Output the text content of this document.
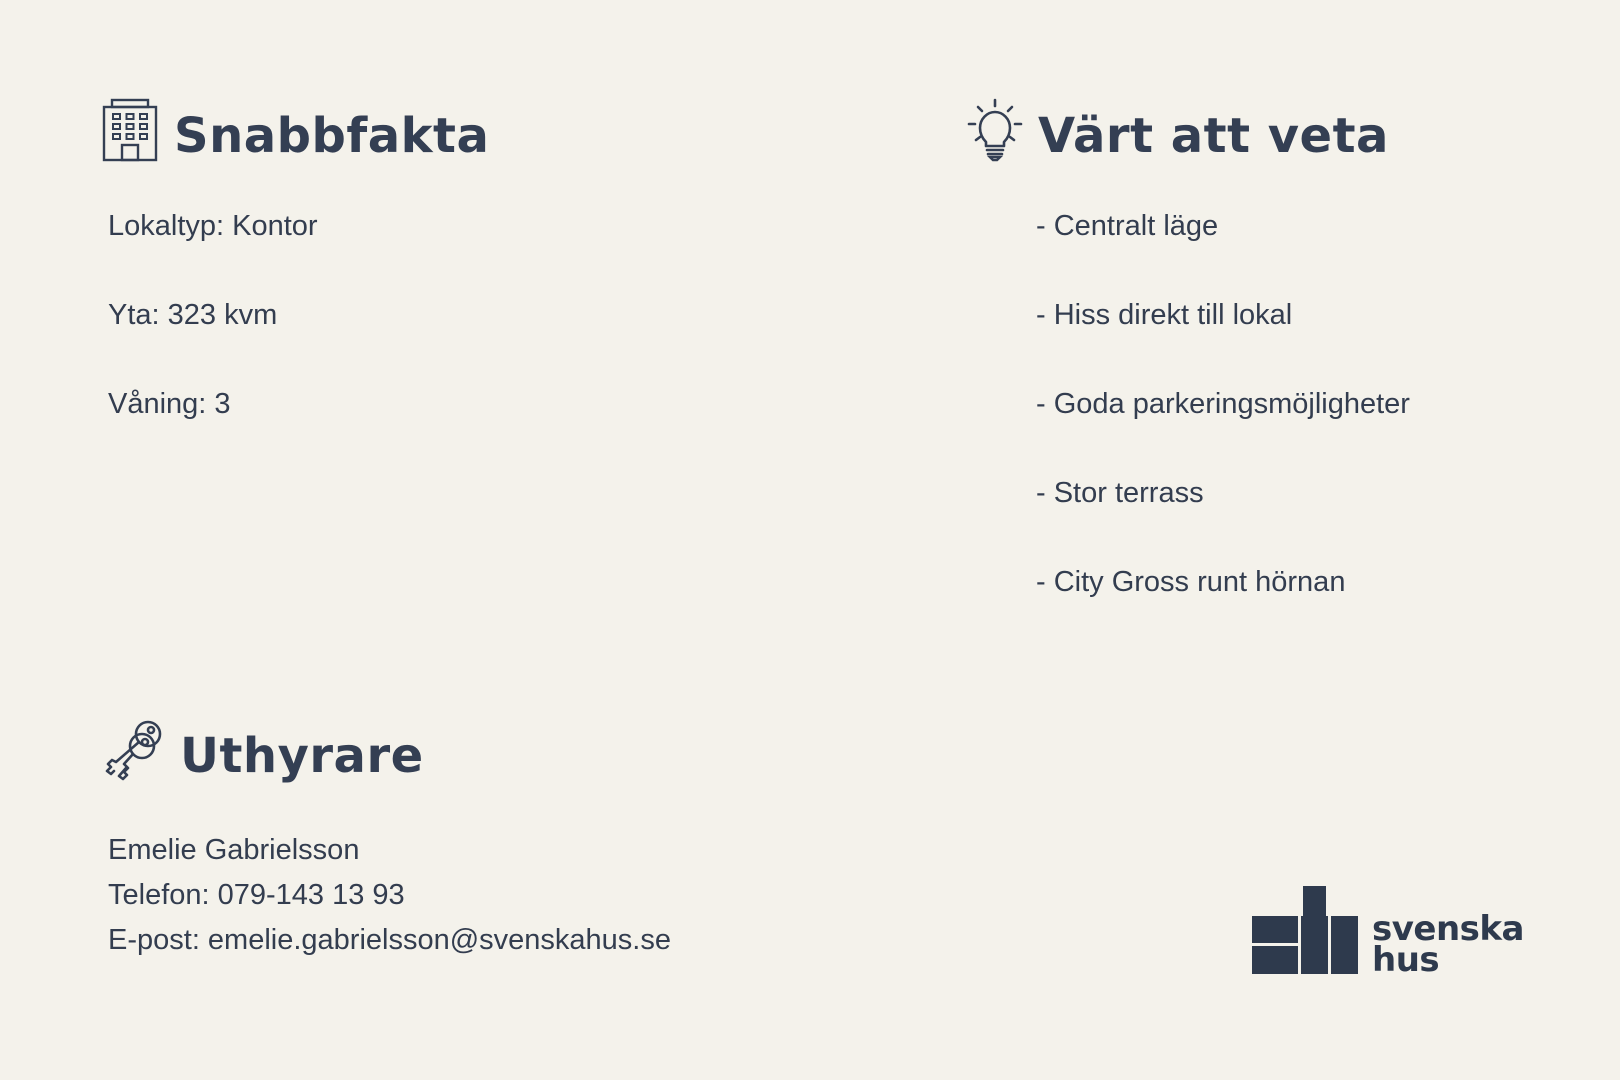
Snabbfakta
Lokaltyp: Kontor
Yta: 323 kvm
Våning: 3
Värt att veta
- Centralt läge
- Hiss direkt till lokal
- Goda parkeringsmöjligheter
- Stor terrass
- City Gross runt hörnan
Uthyrare
Emelie Gabrielsson
Telefon: 079-143 13 93
E-post: emelie.gabrielsson@svenskahus.se	svenska
hus
